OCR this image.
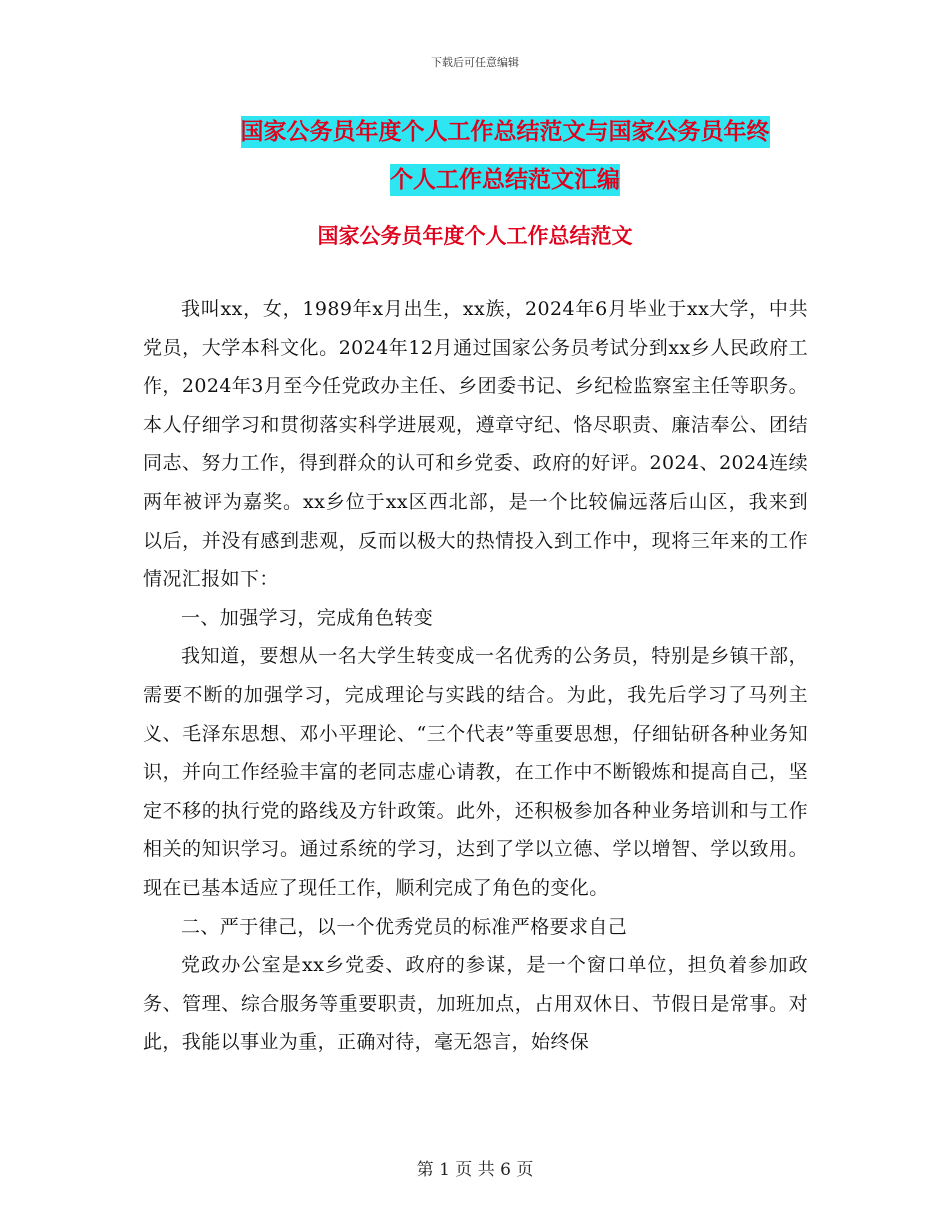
下载后可任意编辑
国家公务员年度个人工作总结范文与国家公务员年终
个人工作总结范文汇编
国家公务员年度个人工作总结范文

我叫xx，女，1989年x月出生，xx族，2024年6月毕业于xx大学，中共党员，大学本科文化。2024年12月通过国家公务员考试分到xx乡人民政府工作，2024年3月至今任党政办主任、乡团委书记、乡纪检监察室主任等职务。本人仔细学习和贯彻落实科学进展观，遵章守纪、恪尽职责、廉洁奉公、团结同志、努力工作，得到群众的认可和乡党委、政府的好评。2024、2024连续两年被评为嘉奖。xx乡位于xx区西北部，是一个比较偏远落后山区，我来到以后，并没有感到悲观，反而以极大的热情投入到工作中，现将三年来的工作情况汇报如下：

一、加强学习，完成角色转变

我知道，要想从一名大学生转变成一名优秀的公务员，特别是乡镇干部，需要不断的加强学习，完成理论与实践的结合。为此，我先后学习了马列主义、毛泽东思想、邓小平理论、“三个代表”等重要思想，仔细钻研各种业务知识，并向工作经验丰富的老同志虚心请教，在工作中不断锻炼和提高自己，坚定不移的执行党的路线及方针政策。此外，还积极参加各种业务培训和与工作相关的知识学习。通过系统的学习，达到了学以立德、学以增智、学以致用。现在已基本适应了现任工作，顺利完成了角色的变化。

二、严于律己，以一个优秀党员的标准严格要求自己

党政办公室是xx乡党委、政府的参谋，是一个窗口单位，担负着参加政务、管理、综合服务等重要职责，加班加点，占用双休日、节假日是常事。对此，我能以事业为重，正确对待，毫无怨言，始终保

第 1 页 共 6 页
